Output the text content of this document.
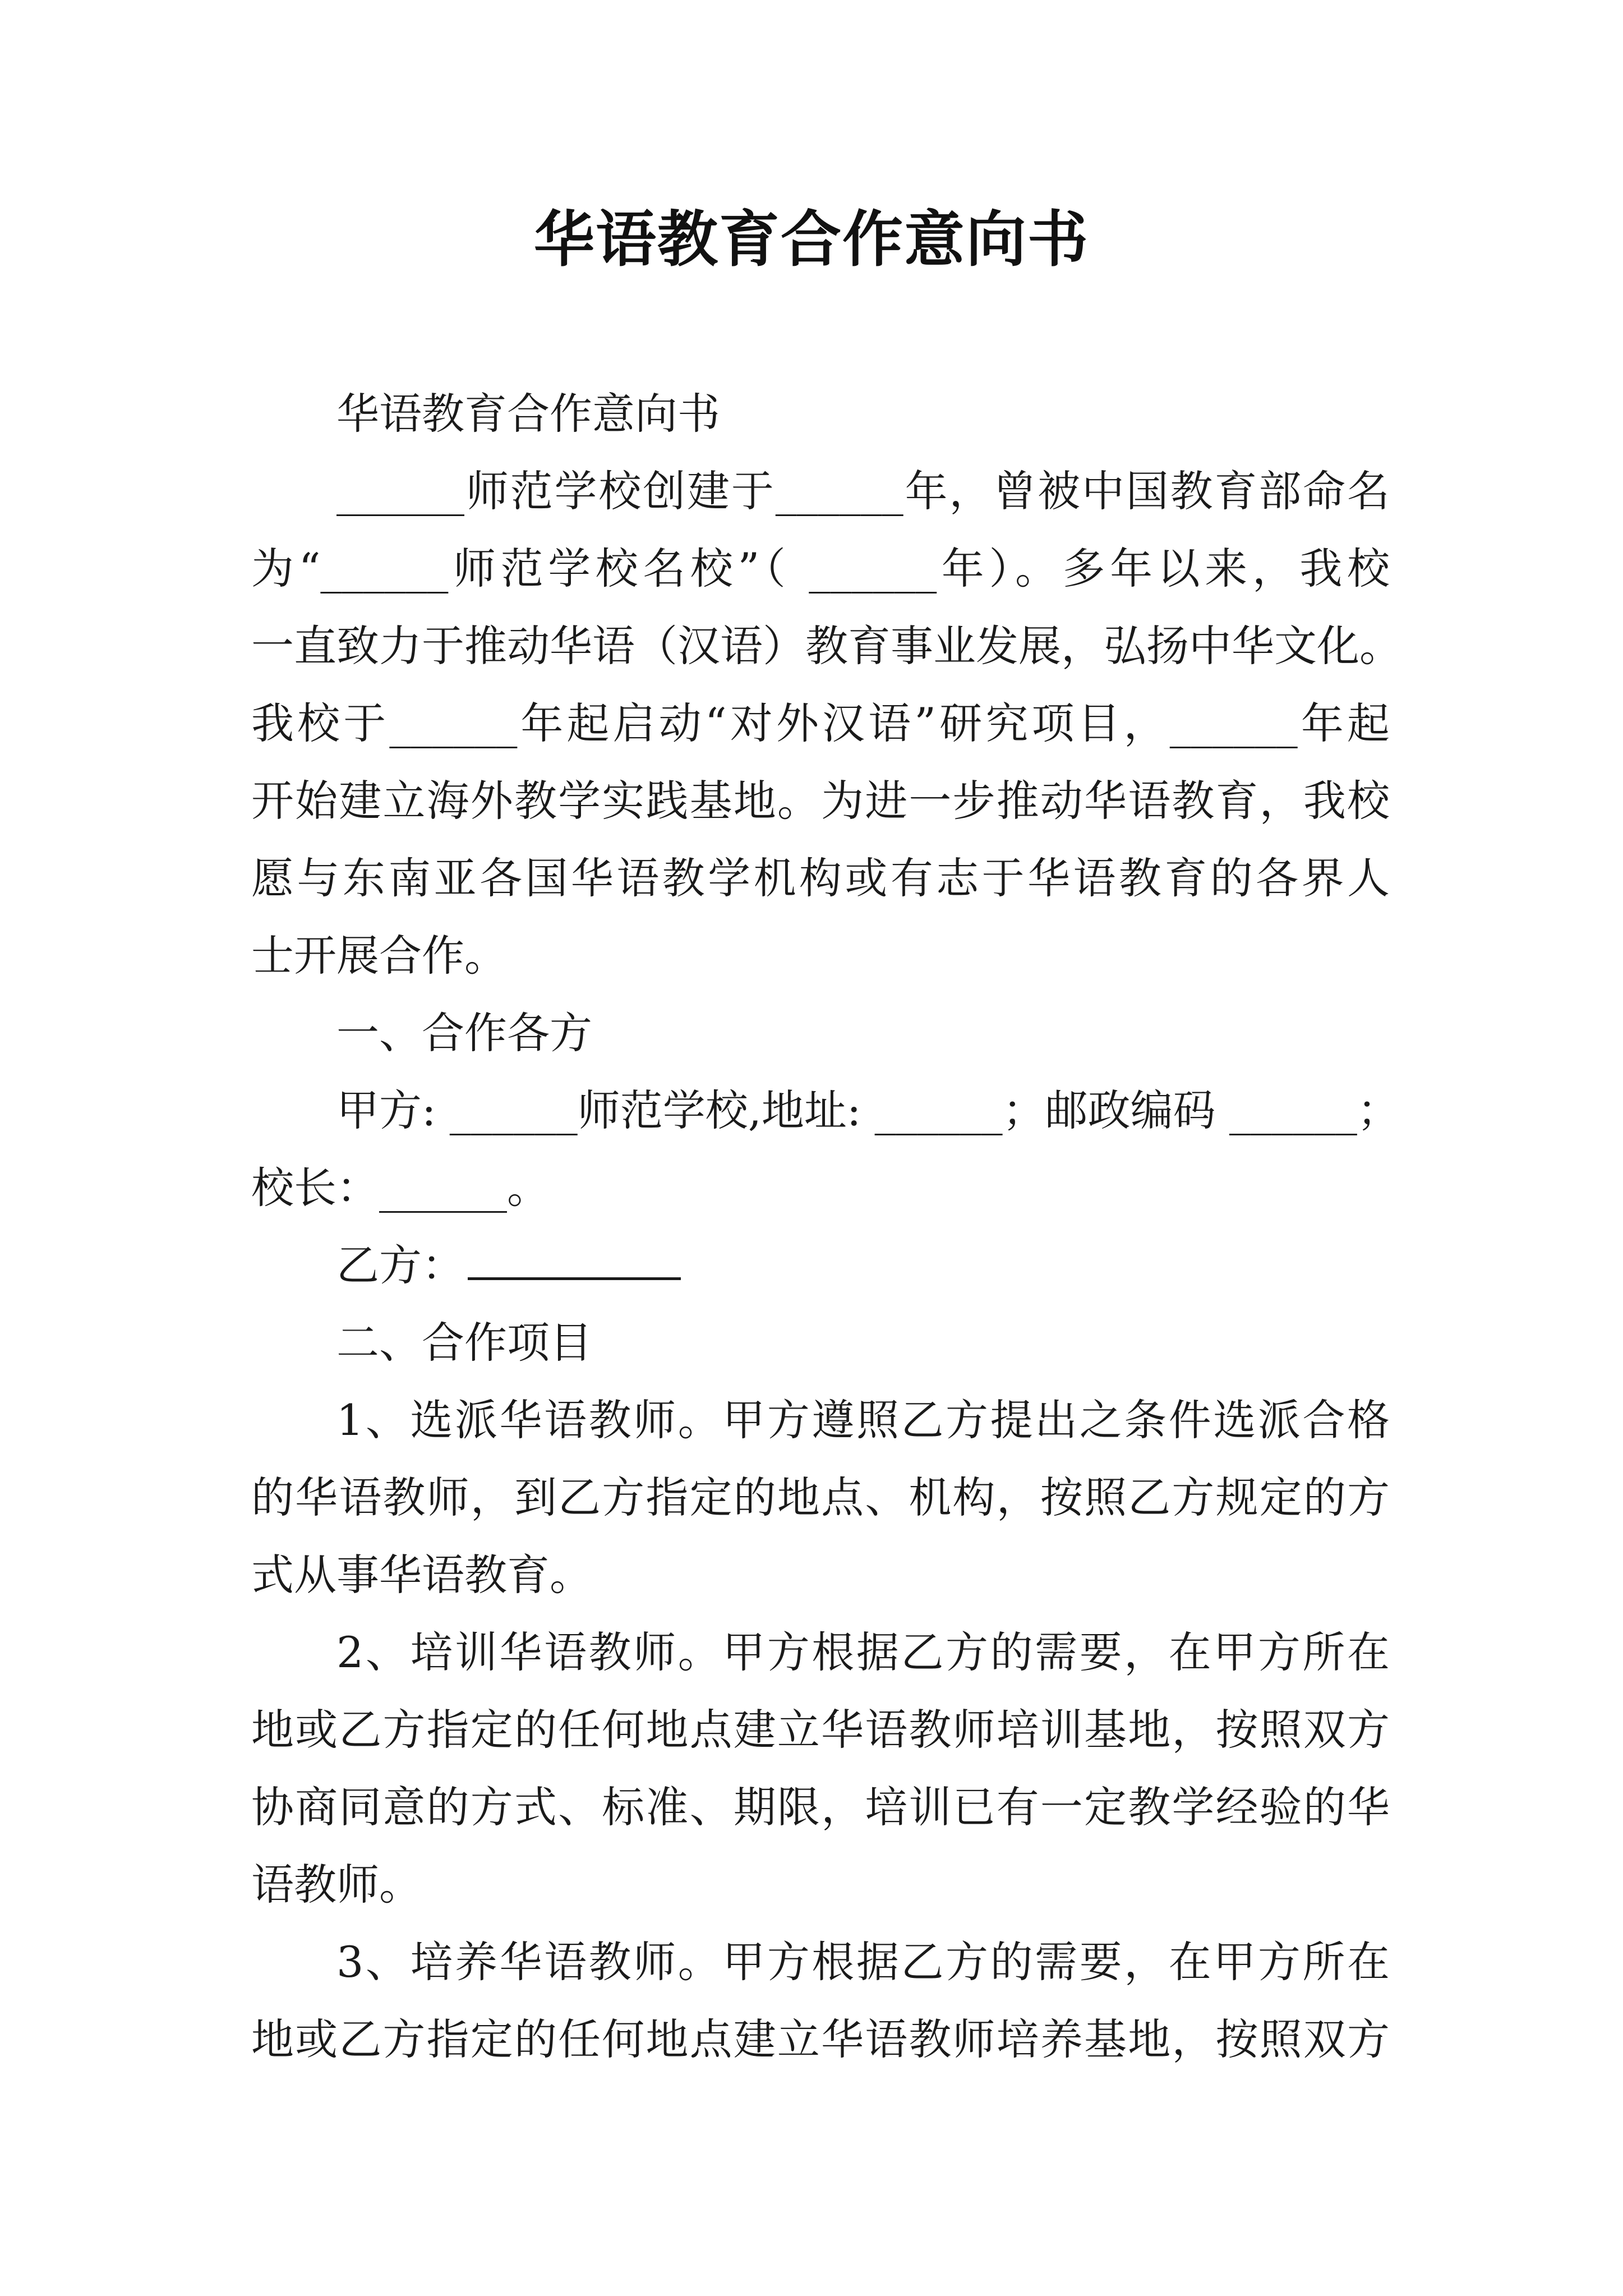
华语教育合作意向书
华语教育合作意向书
______师范学校创建于______年，曾被中国教育部命名
为“______师范学校名校”（ ______年）。多年以来，我校
一直致力于推动华语（汉语）教育事业发展，弘扬中华文化。
我校于______年起启动“对外汉语”研究项目，______年起
开始建立海外教学实践基地。为进一步推动华语教育，我校
愿与东南亚各国华语教学机构或有志于华语教育的各界人
士开展合作。
一、合作各方
甲方: ______师范学校,地址: ______；邮政编码 ______；
校长：______。
乙方：
二、合作项目
1、选派华语教师。甲方遵照乙方提出之条件选派合格
的华语教师，到乙方指定的地点、机构，按照乙方规定的方
式从事华语教育。
2、培训华语教师。甲方根据乙方的需要，在甲方所在
地或乙方指定的任何地点建立华语教师培训基地，按照双方
协商同意的方式、标准、期限，培训已有一定教学经验的华
语教师。
3、培养华语教师。甲方根据乙方的需要，在甲方所在
地或乙方指定的任何地点建立华语教师培养基地，按照双方
